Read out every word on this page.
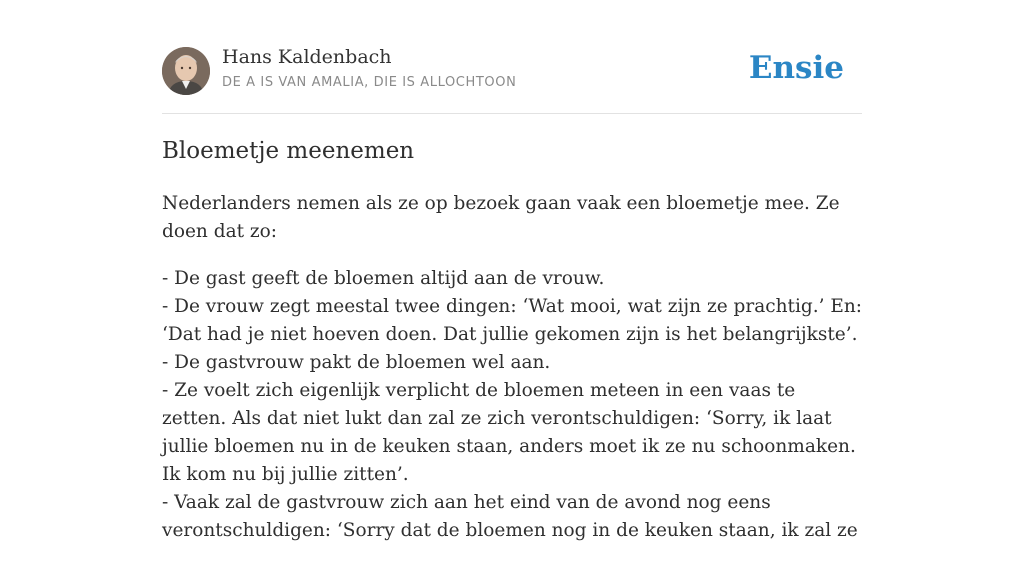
Hans Kaldenbach
DE A IS VAN AMALIA, DIE IS ALLOCHTOON	Ensie
Bloemetje meenemen

Nederlanders nemen als ze op bezoek gaan vaak een bloemetje mee. Ze doen dat zo:

- De gast geeft de bloemen altijd aan de vrouw.
- De vrouw zegt meestal twee dingen: ‘Wat mooi, wat zijn ze prachtig.’ En: ‘Dat had je niet hoeven doen. Dat jullie gekomen zijn is het belangrijkste’.
- De gastvrouw pakt de bloemen wel aan.
- Ze voelt zich eigenlijk verplicht de bloemen meteen in een vaas te zetten. Als dat niet lukt dan zal ze zich verontschuldigen: ‘Sorry, ik laat jullie bloemen nu in de keuken staan, anders moet ik ze nu schoonmaken. Ik kom nu bij jullie zitten’.
- Vaak zal de gastvrouw zich aan het eind van de avond nog eens verontschuldigen: ‘Sorry dat de bloemen nog in de keuken staan, ik zal ze
